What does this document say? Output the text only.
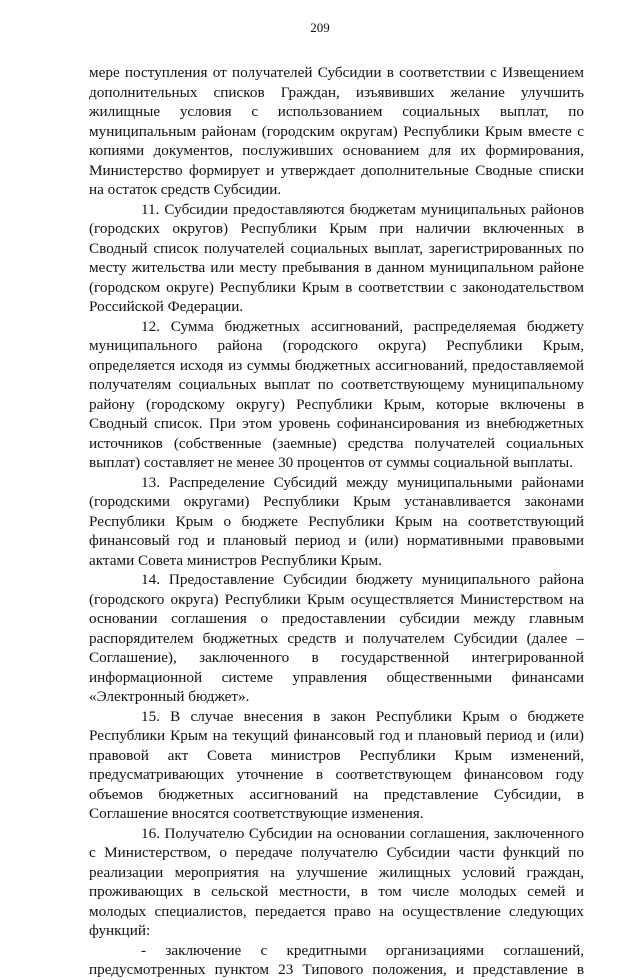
209

мере поступления от получателей Субсидии в соответствии с Извещением дополнительных списков Граждан, изъявивших желание улучшить жилищные условия с использованием социальных выплат, по муниципальным районам (городским округам) Республики Крым вместе с копиями документов, послуживших основанием для их формирования, Министерство формирует и утверждает дополнительные Сводные списки на остаток средств Субсидии.

11. Субсидии предоставляются бюджетам муниципальных районов (городских округов) Республики Крым при наличии включенных в Сводный список получателей социальных выплат, зарегистрированных по месту жительства или месту пребывания в данном муниципальном районе (городском округе) Республики Крым в соответствии с законодательством Российской Федерации.

12. Сумма бюджетных ассигнований, распределяемая бюджету муниципального района (городского округа) Республики Крым, определяется исходя из суммы бюджетных ассигнований, предоставляемой получателям социальных выплат по соответствующему муниципальному району (городскому округу) Республики Крым, которые включены в Сводный список. При этом уровень софинансирования из внебюджетных источников (собственные (заемные) средства получателей социальных выплат) составляет не менее 30 процентов от суммы социальной выплаты.

13. Распределение Субсидий между муниципальными районами (городскими округами) Республики Крым устанавливается законами Республики Крым о бюджете Республики Крым на соответствующий финансовый год и плановый период и (или) нормативными правовыми актами Совета министров Республики Крым.

14. Предоставление Субсидии бюджету муниципального района (городского округа) Республики Крым осуществляется Министерством на основании соглашения о предоставлении субсидии между главным распорядителем бюджетных средств и получателем Субсидии (далее – Соглашение), заключенного в государственной интегрированной информационной системе управления общественными финансами «Электронный бюджет».

15. В случае внесения в закон Республики Крым о бюджете Республики Крым на текущий финансовый год и плановый период и (или) правовой акт Совета министров Республики Крым изменений, предусматривающих уточнение в соответствующем финансовом году объемов бюджетных ассигнований на представление Субсидии, в Соглашение вносятся соответствующие изменения.

16. Получателю Субсидии на основании соглашения, заключенного с Министерством, о передаче получателю Субсидии части функций по реализации мероприятия на улучшение жилищных условий граждан, проживающих в сельской местности, в том числе молодых семей и молодых специалистов, передается право на осуществление следующих функций:

- заключение с кредитными организациями соглашений, предусмотренных пунктом 23 Типового положения, и представление в
